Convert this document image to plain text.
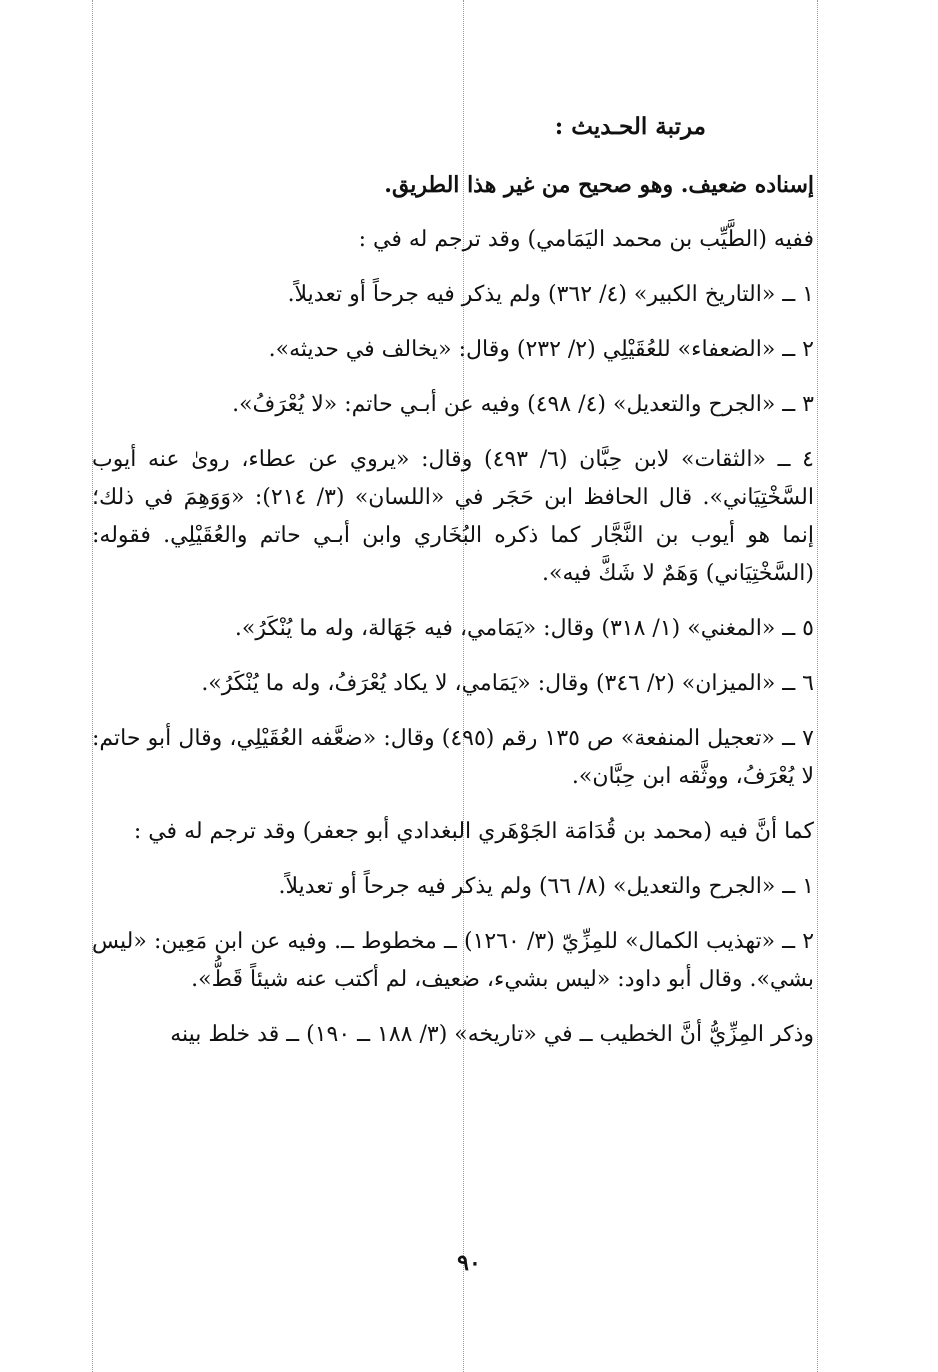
مرتبة الحـديث :

إسناده ضعيف. وهو صحيح من غير هذا الطريق.

ففيه (الطَّيِّب بن محمد اليَمَامي) وقد ترجم له في :

١ ــ «التاريخ الكبير» (٤/ ٣٦٢) ولم يذكر فيه جرحاً أو تعديلاً.
٢ ــ «الضعفاء» للعُقَيْلِي (٢/ ٢٣٢) وقال: «يخالف في حديثه».
٣ ــ «الجرح والتعديل» (٤/ ٤٩٨) وفيه عن أبـي حاتم: «لا يُعْرَفُ».
٤ ــ «الثقات» لابن حِبَّان (٦/ ٤٩٣) وقال: «يروي عن عطاء، روىٰ عنه أيوب السَّخْتِيَاني». قال الحافظ ابن حَجَر في «اللسان» (٣/ ٢١٤): «وَوَهِمَ في ذلك؛ إنما هو أيوب بن النَّجَّار كما ذكره البُخَاري وابن أبـي حاتم والعُقَيْلِي. فقوله: (السَّخْتِيَاني) وَهَمٌ لا شَكَّ فيه».
٥ ــ «المغني» (١/ ٣١٨) وقال: «يَمَامي، فيه جَهَالة، وله ما يُنْكَرُ».
٦ ــ «الميزان» (٢/ ٣٤٦) وقال: «يَمَامي، لا يكاد يُعْرَفُ، وله ما يُنْكَرُ».
٧ ــ «تعجيل المنفعة» ص ١٣٥ رقم (٤٩٥) وقال: «ضعَّفه العُقَيْلِي، وقال أبو حاتم: لا يُعْرَفُ، ووثَّقه ابن حِبَّان».

كما أنَّ فيه (محمد بن قُدَامَة الجَوْهَري البغدادي أبو جعفر) وقد ترجم له في :

١ ــ «الجرح والتعديل» (٨/ ٦٦) ولم يذكر فيه جرحاً أو تعديلاً.
٢ ــ «تهذيب الكمال» للمِزِّيّ (٣/ ١٢٦٠) ــ مخطوط ــ. وفيه عن ابن مَعِين: «ليس بشي». وقال أبو داود: «ليس بشيء، ضعيف، لم أكتب عنه شيئاً قَطُّ».

وذكر المِزِّيُّ أنَّ الخطيب ــ في «تاريخه» (٣/ ١٨٨ ــ ١٩٠) ــ قد خلط بينه

٩٠
